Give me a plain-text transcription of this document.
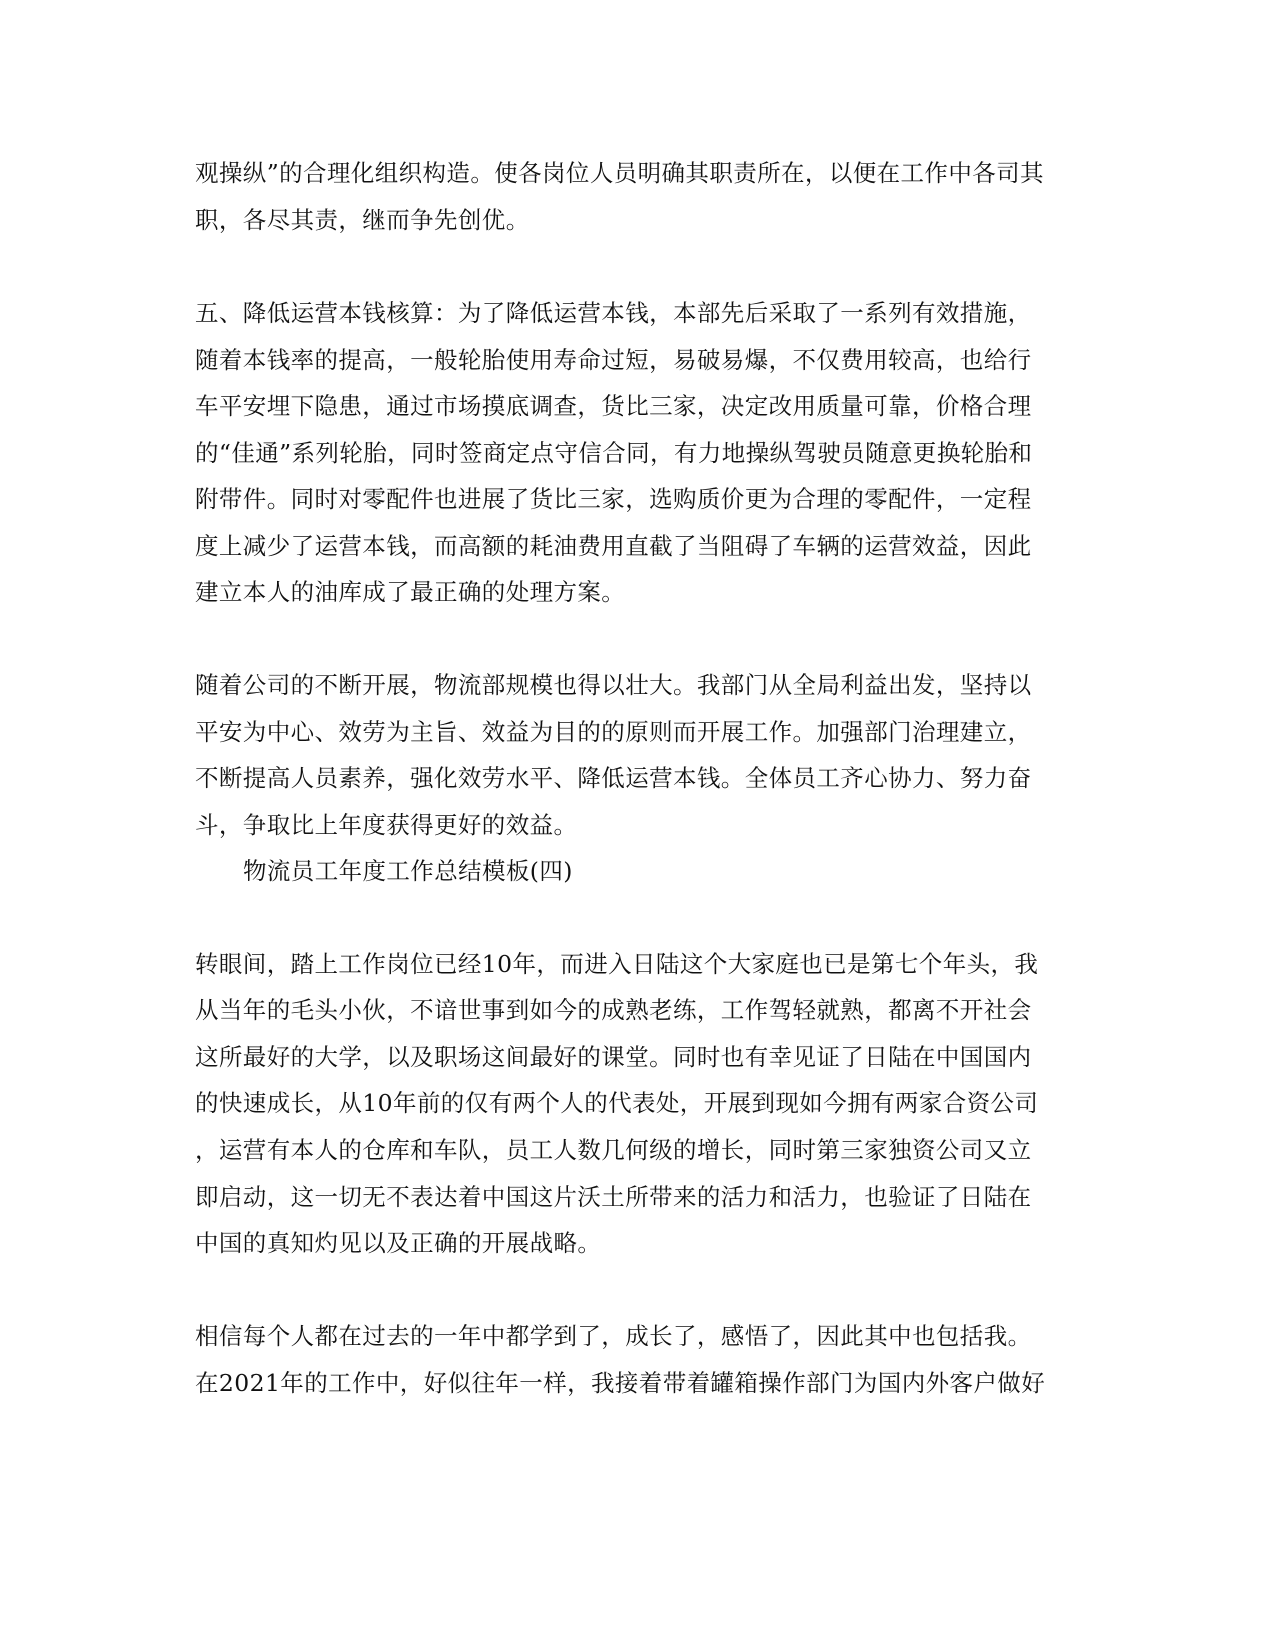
观操纵”的合理化组织构造。使各岗位人员明确其职责所在，以便在工作中各司其
职，各尽其责，继而争先创优。
五、降低运营本钱核算：为了降低运营本钱，本部先后采取了一系列有效措施，
随着本钱率的提高，一般轮胎使用寿命过短，易破易爆，不仅费用较高，也给行
车平安埋下隐患，通过市场摸底调查，货比三家，决定改用质量可靠，价格合理
的“佳通”系列轮胎，同时签商定点守信合同，有力地操纵驾驶员随意更换轮胎和
附带件。同时对零配件也进展了货比三家，选购质价更为合理的零配件，一定程
度上减少了运营本钱，而高额的耗油费用直截了当阻碍了车辆的运营效益，因此
建立本人的油库成了最正确的处理方案。
随着公司的不断开展，物流部规模也得以壮大。我部门从全局利益出发，坚持以
平安为中心、效劳为主旨、效益为目的的原则而开展工作。加强部门治理建立，
不断提高人员素养，强化效劳水平、降低运营本钱。全体员工齐心协力、努力奋
斗，争取比上年度获得更好的效益。
物流员工年度工作总结模板(四)
转眼间，踏上工作岗位已经10年，而进入日陆这个大家庭也已是第七个年头，我
从当年的毛头小伙，不谙世事到如今的成熟老练，工作驾轻就熟，都离不开社会
这所最好的大学，以及职场这间最好的课堂。同时也有幸见证了日陆在中国国内
的快速成长，从10年前的仅有两个人的代表处，开展到现如今拥有两家合资公司
，运营有本人的仓库和车队，员工人数几何级的增长，同时第三家独资公司又立
即启动，这一切无不表达着中国这片沃土所带来的活力和活力，也验证了日陆在
中国的真知灼见以及正确的开展战略。
相信每个人都在过去的一年中都学到了，成长了，感悟了，因此其中也包括我。
在2021年的工作中，好似往年一样，我接着带着罐箱操作部门为国内外客户做好
